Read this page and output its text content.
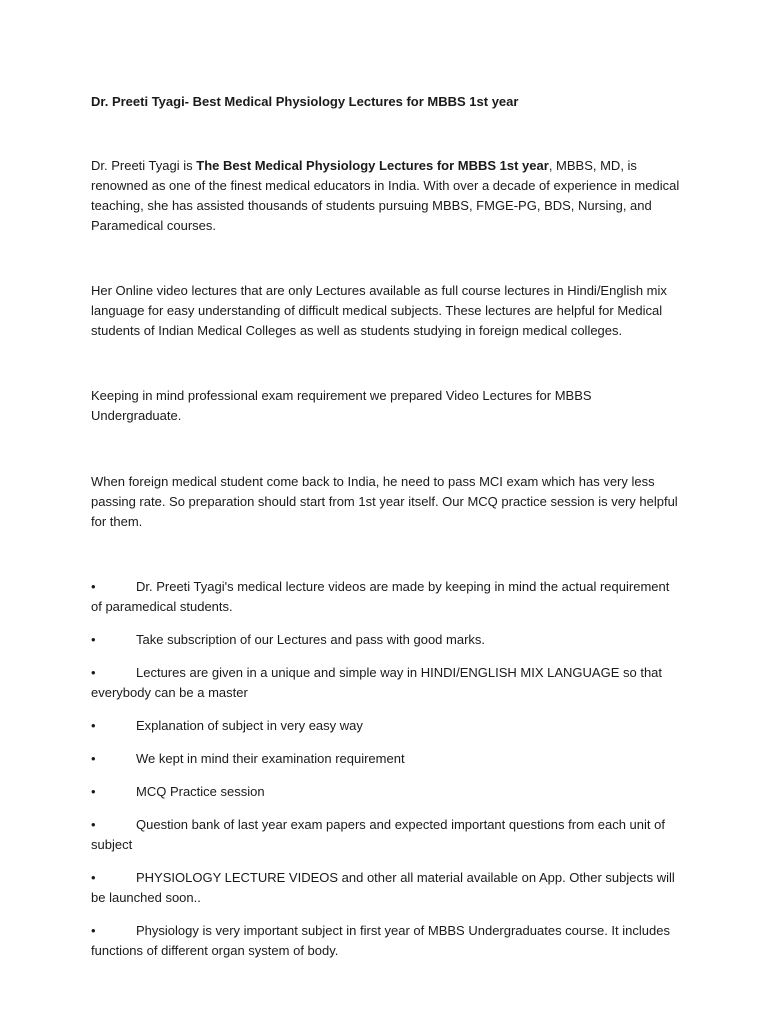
Dr. Preeti Tyagi- Best Medical Physiology Lectures for MBBS 1st year

Dr. Preeti Tyagi is The Best Medical Physiology Lectures for MBBS 1st year, MBBS, MD, is renowned as one of the finest medical educators in India. With over a decade of experience in medical teaching, she has assisted thousands of students pursuing MBBS, FMGE-PG, BDS, Nursing, and Paramedical courses.

Her Online video lectures that are only Lectures available as full course lectures in Hindi/English mix language for easy understanding of difficult medical subjects. These lectures are helpful for Medical students of Indian Medical Colleges as well as students studying in foreign medical colleges.

Keeping in mind professional exam requirement we prepared Video Lectures for MBBS Undergraduate.

When foreign medical student come back to India, he need to pass MCI exam which has very less passing rate. So preparation should start from 1st year itself. Our MCQ practice session is very helpful for them.

•	Dr. Preeti Tyagi's medical lecture videos are made by keeping in mind the actual requirement of paramedical students.
•	Take subscription of our Lectures and pass with good marks.
•	Lectures are given in a unique and simple way in HINDI/ENGLISH MIX LANGUAGE so that everybody can be a master
•	Explanation of subject in very easy way
•	We kept in mind their examination requirement
•	MCQ Practice session
•	Question bank of last year exam papers and expected important questions from each unit of subject
•	PHYSIOLOGY LECTURE VIDEOS and other all material available on App. Other subjects will be launched soon..
•	Physiology is very important subject in first year of MBBS Undergraduates course. It includes functions of different organ system of body.
